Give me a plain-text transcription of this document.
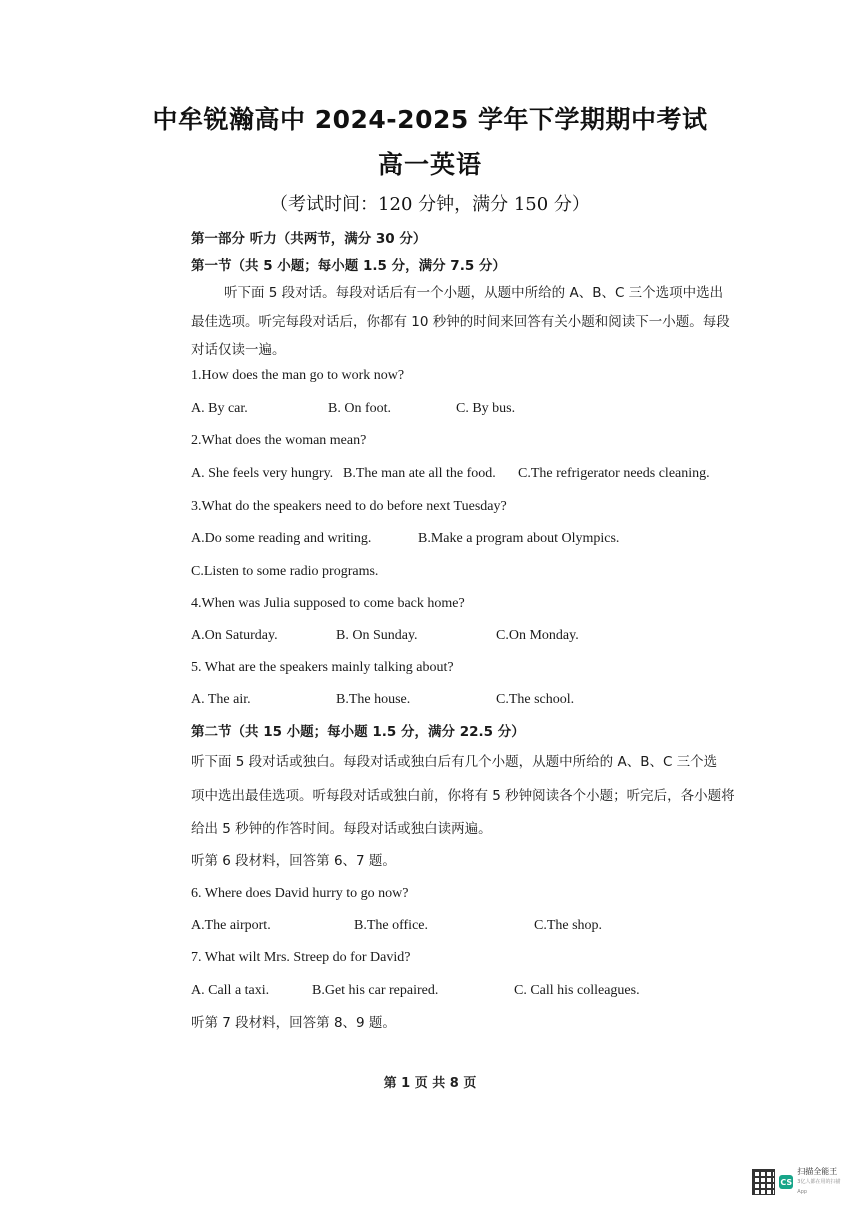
中牟锐瀚高中 2024-2025 学年下学期期中考试
高一英语
（考试时间：120 分钟，满分 150 分）
第一部分 听力（共两节，满分 30 分）
第一节（共 5 小题；每小题 1.5 分，满分 7.5 分）
听下面 5 段对话。每段对话后有一个小题，从题中所给的 A、B、C 三个选项中选出
最佳选项。听完每段对话后，你都有 10 秒钟的时间来回答有关小题和阅读下一小题。每段
对话仅读一遍。
1.How does the man go to work now?
A. By car.	B. On foot.	C. By bus.
2.What does the woman mean?
A. She feels very hungry. B.The man ate all the food. C.The refrigerator needs cleaning.
3.What do the speakers need to do before next Tuesday?
A.Do some reading and writing.	B.Make a program about Olympics.
C.Listen to some radio programs.
4.When was Julia supposed to come back home?
A.On Saturday.	B. On Sunday.	C.On Monday.
5. What are the speakers mainly talking about?
A. The air.	B.The house.	C.The school.
第二节（共 15 小题；每小题 1.5 分，满分 22.5 分）
听下面 5 段对话或独白。每段对话或独白后有几个小题，从题中所给的 A、B、C 三个选
项中选出最佳选项。听每段对话或独白前，你将有 5 秒钟阅读各个小题；听完后，各小题将
给出 5 秒钟的作答时间。每段对话或独白读两遍。
听第 6 段材料，回答第 6、7 题。
6. Where does David hurry to go now?
A.The airport.	B.The office.	C.The shop.
7. What wilt Mrs. Streep do for David?
A. Call a taxi.	B.Get his car repaired.	C. Call his colleagues.
听第 7 段材料，回答第 8、9 题。
第 1 页 共 8 页
CS
扫描全能王
3亿人都在用的扫描App
